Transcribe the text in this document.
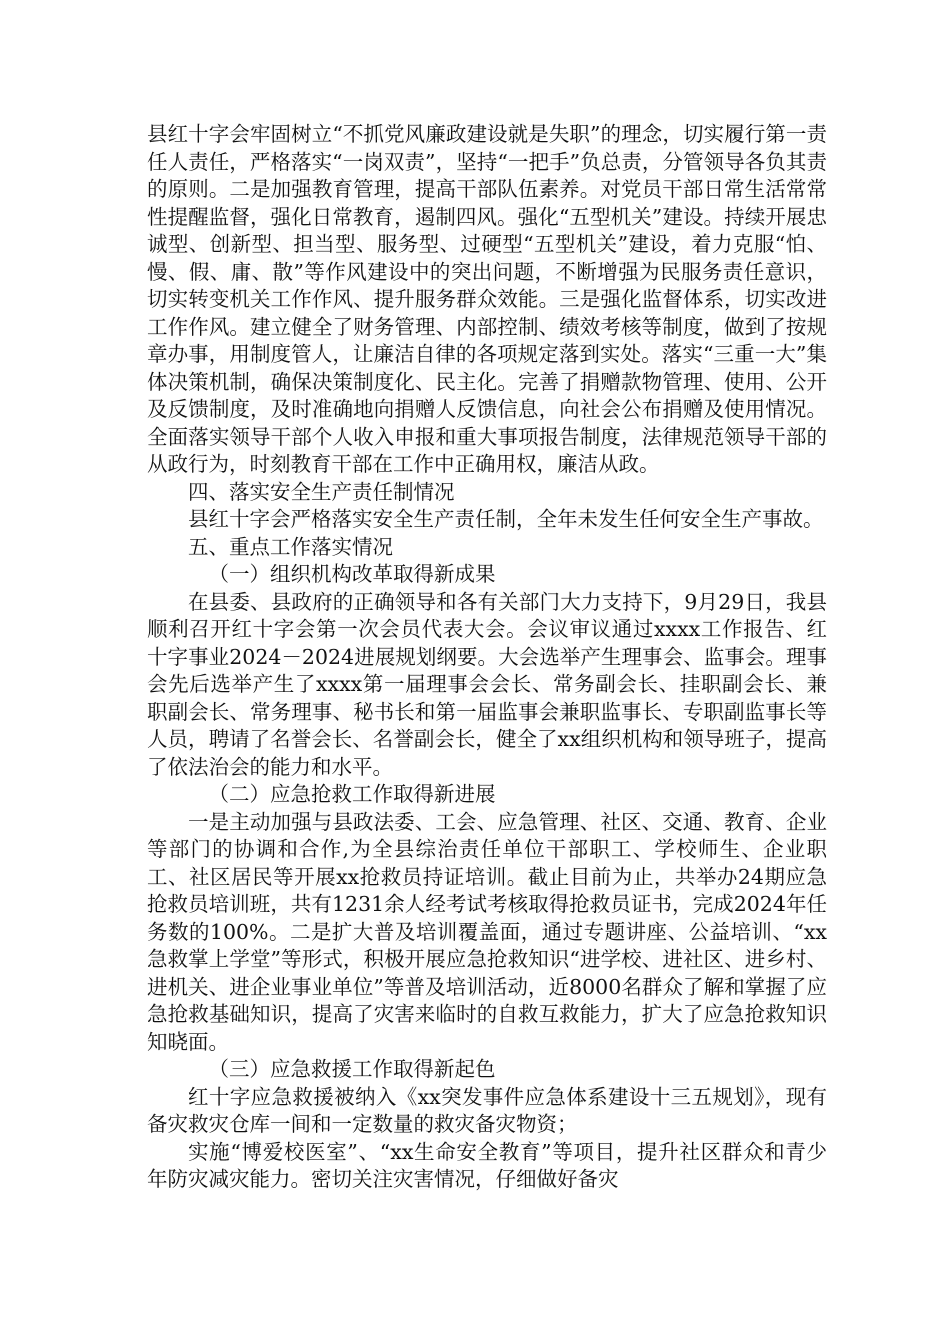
县红十字会牢固树立“不抓党风廉政建设就是失职”的理念，切实履行第一责任人责任，严格落实“一岗双责”，坚持“一把手”负总责，分管领导各负其责的原则。二是加强教育管理，提高干部队伍素养。对党员干部日常生活常常性提醒监督，强化日常教育，遏制四风。强化“五型机关”建设。持续开展忠诚型、创新型、担当型、服务型、过硬型“五型机关”建设，着力克服“怕、慢、假、庸、散”等作风建设中的突出问题，不断增强为民服务责任意识，切实转变机关工作作风、提升服务群众效能。三是强化监督体系，切实改进工作作风。建立健全了财务管理、内部控制、绩效考核等制度，做到了按规章办事，用制度管人，让廉洁自律的各项规定落到实处。落实“三重一大”集体决策机制，确保决策制度化、民主化。完善了捐赠款物管理、使用、公开及反馈制度，及时准确地向捐赠人反馈信息，向社会公布捐赠及使用情况。全面落实领导干部个人收入申报和重大事项报告制度，法律规范领导干部的从政行为，时刻教育干部在工作中正确用权，廉洁从政。

四、落实安全生产责任制情况

县红十字会严格落实安全生产责任制，全年未发生任何安全生产事故。

五、重点工作落实情况

（一）组织机构改革取得新成果

在县委、县政府的正确领导和各有关部门大力支持下，9月29日，我县顺利召开红十字会第一次会员代表大会。会议审议通过xxxx工作报告、红十字事业2024－2024进展规划纲要。大会选举产生理事会、监事会。理事会先后选举产生了xxxx第一届理事会会长、常务副会长、挂职副会长、兼职副会长、常务理事、秘书长和第一届监事会兼职监事长、专职副监事长等人员，聘请了名誉会长、名誉副会长，健全了xx组织机构和领导班子，提高了依法治会的能力和水平。

（二）应急抢救工作取得新进展

一是主动加强与县政法委、工会、应急管理、社区、交通、教育、企业等部门的协调和合作,为全县综治责任单位干部职工、学校师生、企业职工、社区居民等开展xx抢救员持证培训。截止目前为止，共举办24期应急抢救员培训班，共有1231余人经考试考核取得抢救员证书，完成2024年任务数的100%。二是扩大普及培训覆盖面，通过专题讲座、公益培训、“xx急救掌上学堂”等形式，积极开展应急抢救知识“进学校、进社区、进乡村、进机关、进企业事业单位”等普及培训活动，近8000名群众了解和掌握了应急抢救基础知识，提高了灾害来临时的自救互救能力，扩大了应急抢救知识知晓面。

（三）应急救援工作取得新起色

红十字应急救援被纳入《xx突发事件应急体系建设十三五规划》，现有备灾救灾仓库一间和一定数量的救灾备灾物资；

实施“博爱校医室”、“xx生命安全教育”等项目，提升社区群众和青少年防灾减灾能力。密切关注灾害情况，仔细做好备灾
